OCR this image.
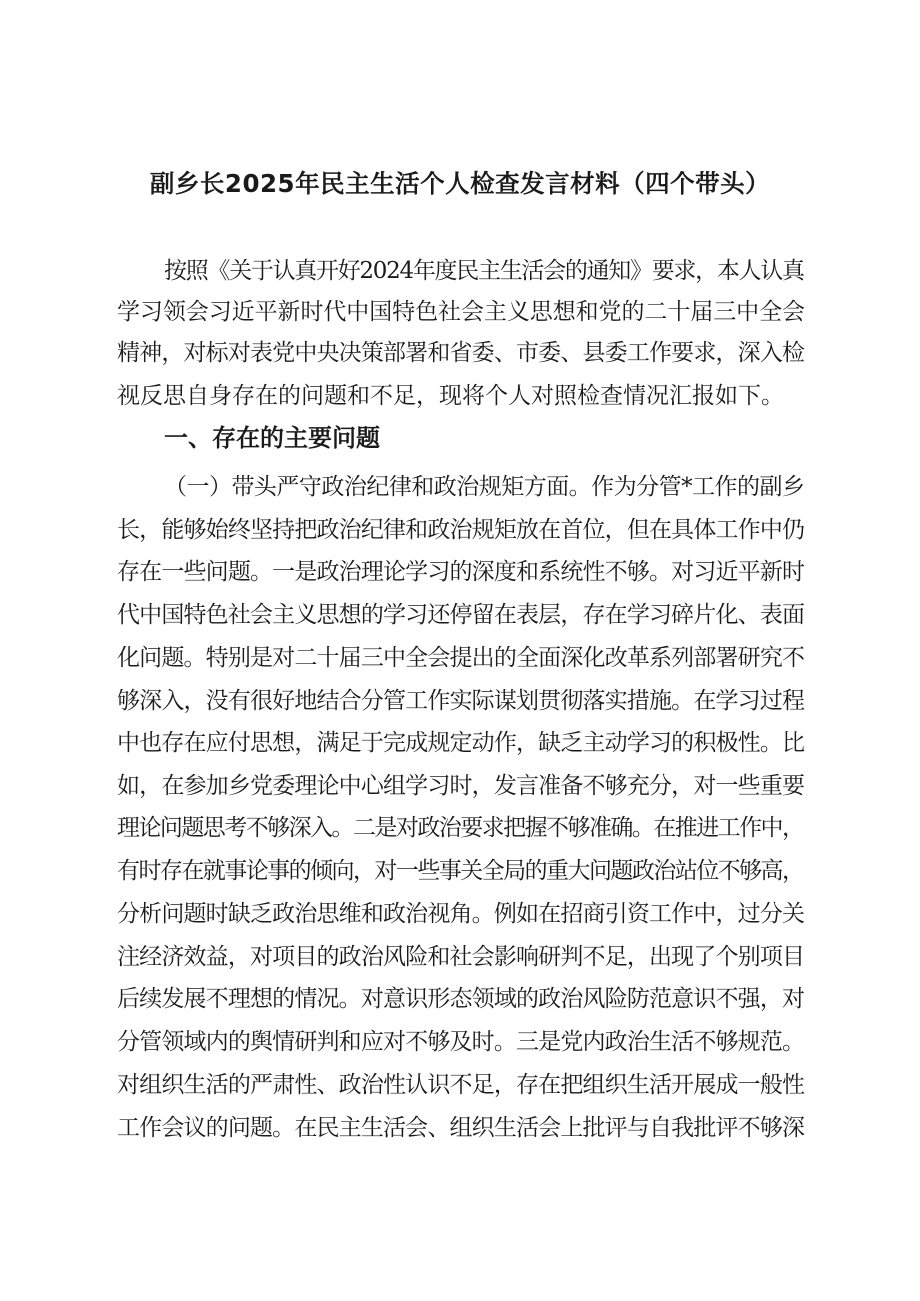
副乡长2025年民主生活个人检查发言材料（四个带头）
按照《关于认真开好2024年度民主生活会的通知》要求，本人认真
学习领会习近平新时代中国特色社会主义思想和党的二十届三中全会
精神，对标对表党中央决策部署和省委、市委、县委工作要求，深入检
视反思自身存在的问题和不足，现将个人对照检查情况汇报如下。
一、存在的主要问题
（一）带头严守政治纪律和政治规矩方面。作为分管*工作的副乡
长，能够始终坚持把政治纪律和政治规矩放在首位，但在具体工作中仍
存在一些问题。一是政治理论学习的深度和系统性不够。对习近平新时
代中国特色社会主义思想的学习还停留在表层，存在学习碎片化、表面
化问题。特别是对二十届三中全会提出的全面深化改革系列部署研究不
够深入，没有很好地结合分管工作实际谋划贯彻落实措施。在学习过程
中也存在应付思想，满足于完成规定动作，缺乏主动学习的积极性。比
如，在参加乡党委理论中心组学习时，发言准备不够充分，对一些重要
理论问题思考不够深入。二是对政治要求把握不够准确。在推进工作中，
有时存在就事论事的倾向，对一些事关全局的重大问题政治站位不够高，
分析问题时缺乏政治思维和政治视角。例如在招商引资工作中，过分关
注经济效益，对项目的政治风险和社会影响研判不足，出现了个别项目
后续发展不理想的情况。对意识形态领域的政治风险防范意识不强，对
分管领域内的舆情研判和应对不够及时。三是党内政治生活不够规范。
对组织生活的严肃性、政治性认识不足，存在把组织生活开展成一般性
工作会议的问题。在民主生活会、组织生活会上批评与自我批评不够深
